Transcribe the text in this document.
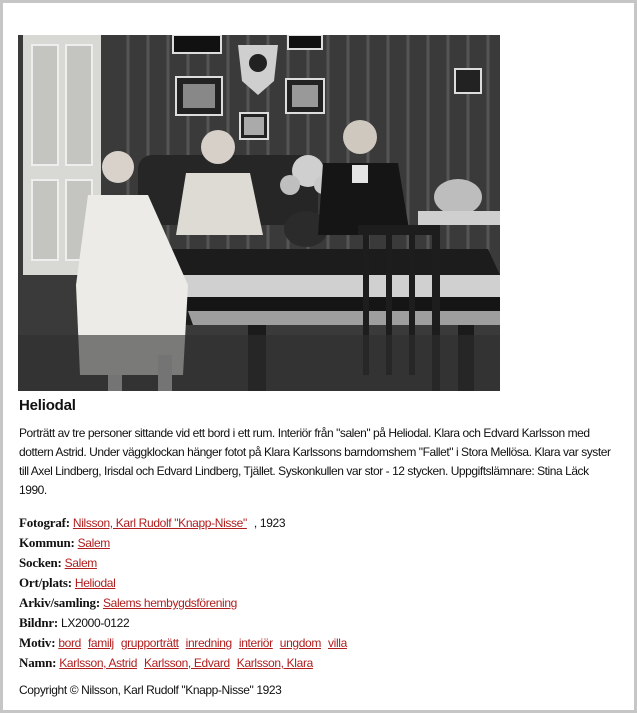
Heliodal
Porträtt av tre personer sittande vid ett bord i ett rum. Interiör från "salen" på Heliodal. Klara och Edvard Karlsson med dottern Astrid. Under väggklockan hänger fotot på Klara Karlssons barndomshem "Fallet" i Stora Mellösa. Klara var syster till Axel Lindberg, Irisdal och Edvard Lindberg, Tjället. Syskonkullen var stor - 12 stycken. Uppgiftslämnare: Stina Läck 1990.
Fotograf: Nilsson, Karl Rudolf "Knapp-Nisse" , 1923
Kommun: Salem
Socken: Salem
Ort/plats: Heliodal
Arkiv/samling: Salems hembygdsförening
Bildnr: LX2000-0122
Motiv: bord familj grupporträtt inredning interiör ungdom villa
Namn: Karlsson, Astrid Karlsson, Edvard Karlsson, Klara
Copyright © Nilsson, Karl Rudolf "Knapp-Nisse" 1923
